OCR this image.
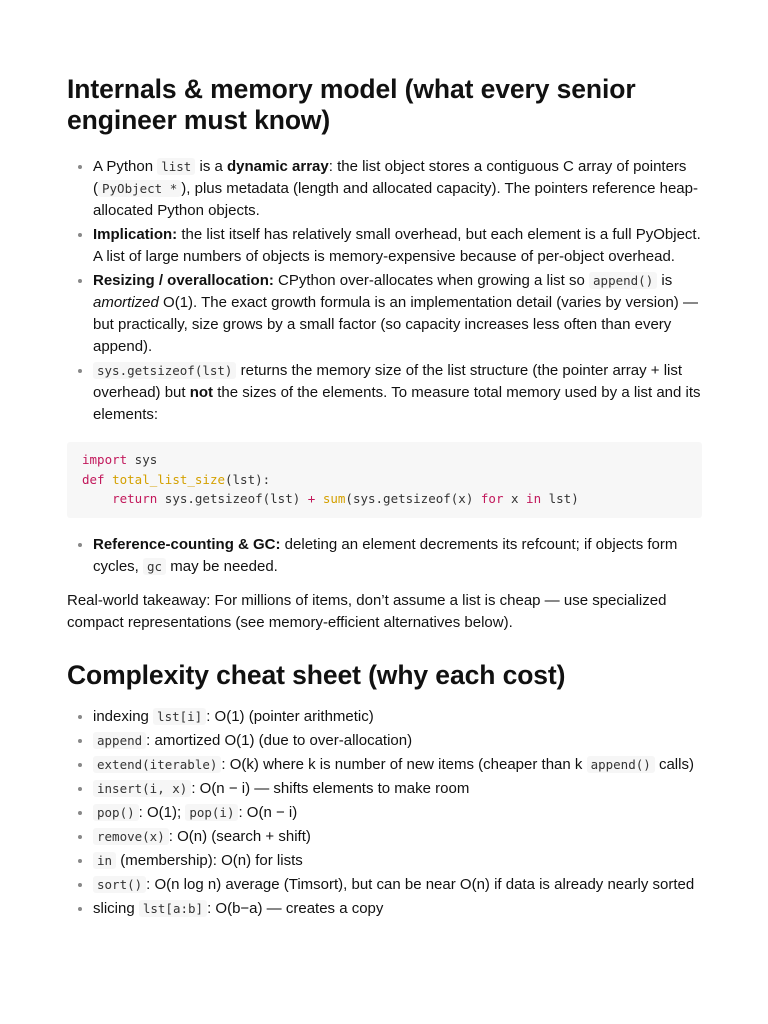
Internals & memory model (what every senior engineer must know)
A Python list is a dynamic array: the list object stores a contiguous C array of pointers ( PyObject * ), plus metadata (length and allocated capacity). The pointers reference heap-allocated Python objects.
Implication: the list itself has relatively small overhead, but each element is a full PyObject. A list of large numbers of objects is memory-expensive because of per-object overhead.
Resizing / overallocation: CPython over-allocates when growing a list so append() is amortized O(1). The exact growth formula is an implementation detail (varies by version) — but practically, size grows by a small factor (so capacity increases less often than every append).
sys.getsizeof(lst) returns the memory size of the list structure (the pointer array + list overhead) but not the sizes of the elements. To measure total memory used by a list and its elements:
import sys
def total_list_size(lst):
return sys.getsizeof(lst) + sum(sys.getsizeof(x) for x in lst)
Reference-counting & GC: deleting an element decrements its refcount; if objects form cycles, gc may be needed.

Real-world takeaway: For millions of items, don’t assume a list is cheap — use specialized compact representations (see memory-efficient alternatives below).

Complexity cheat sheet (why each cost)
indexing lst[i] : O(1) (pointer arithmetic)
append : amortized O(1) (due to over-allocation)
extend(iterable) : O(k) where k is number of new items (cheaper than k append() calls)
insert(i, x) : O(n − i) — shifts elements to make room
pop() : O(1); pop(i) : O(n − i)
remove(x) : O(n) (search + shift)
in (membership): O(n) for lists
sort() : O(n log n) average (Timsort), but can be near O(n) if data is already nearly sorted
slicing lst[a:b] : O(b−a) — creates a copy
